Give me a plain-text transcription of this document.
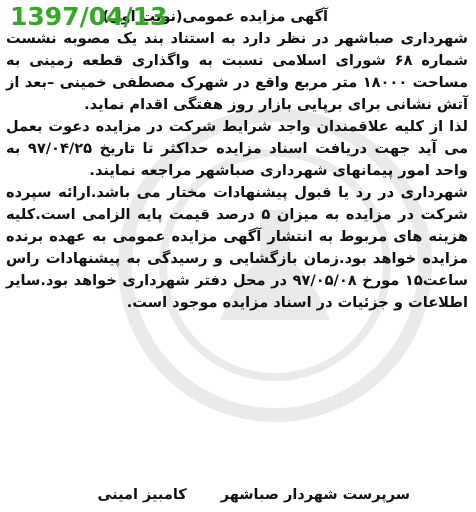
1397/04/13
آگهی مزایده عمومی(نوبت اول)

شهرداری صباشهر در نظر دارد به استناد بند یک مصوبه نشست شماره ۶۸ شورای اسلامی نسبت به واگذاری قطعه زمینی به مساحت ۱۸۰۰۰ متر مربع واقع در شهرک مصطفی خمینی –بعد از آتش نشانی برای برپایی بازار روز هفتگی اقدام نماید.

لذا از کلیه علاقمندان واجد شرایط شرکت در مزایده دعوت بعمل می آید جهت دریافت اسناد مزایده حداکثر تا تاریخ ۹۷/۰۴/۲۵ به واحد امور پیمانهای شهرداری صباشهر مراجعه نمایند.

شهرداری در رد یا قبول پیشنهادات مختار می باشد.ارائه سپرده شرکت در مزایده به میزان ۵ درصد قیمت پایه الزامی است.کلیه هزینه های مربوط به انتشار آگهی مزایده عمومی به عهده برنده مزایده خواهد بود.زمان بازگشایی و رسیدگی به پیشنهادات راس ساعت۱۵ مورخ ۹۷/۰۵/۰۸ در محل دفتر شهرداری خواهد بود.سایر اطلاعات و جزئیات در اسناد مزایده موجود است.

سرپرست شهردار صباشهرکامبیز امینی
